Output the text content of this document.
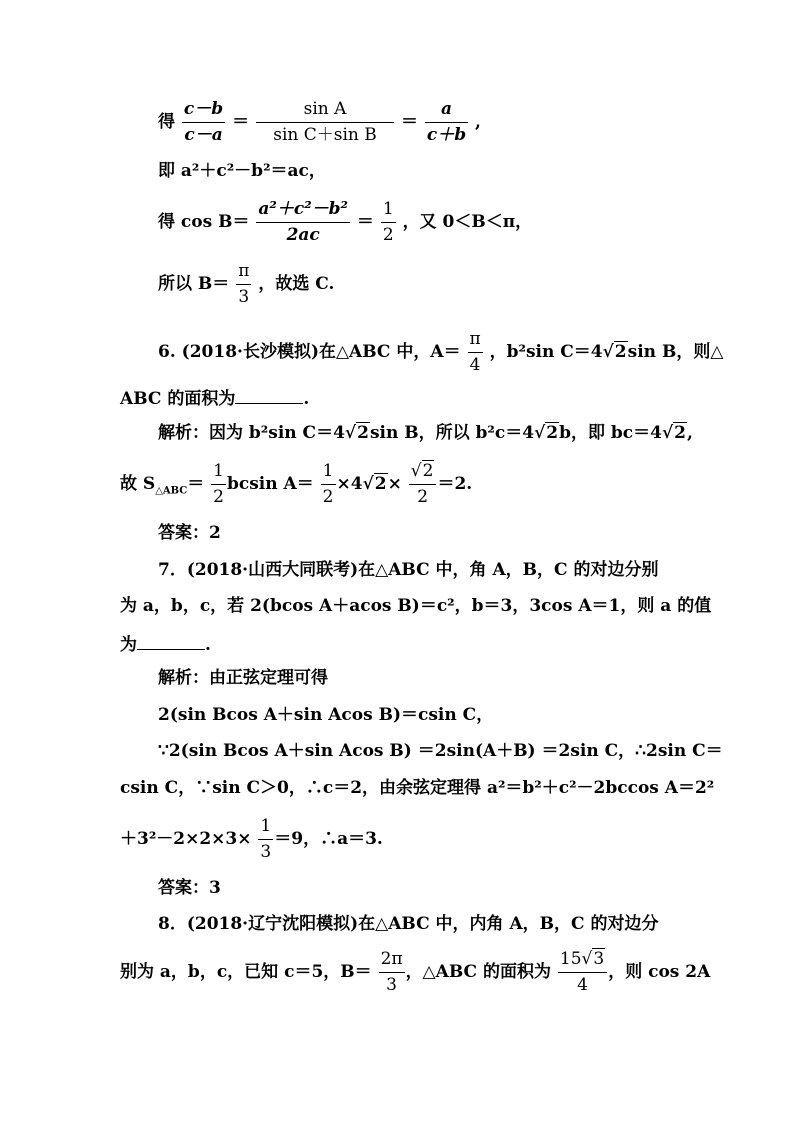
得 $\frac{c-b}{c-a} = \frac{\text{sin A}}{\text{sin C＋sin B}} = \frac{a}{c+b}$ ,
即 a²＋c²－b²＝ac，
得 $\cos B= \frac{\text{a²＋c²－b²}}{2ac} = \frac{1}{2}$ ，又 0＜B＜π，
所以 $B= \frac{\pi}{3}$ ，故选 C.
6. (2018·长沙模拟)在△ABC 中，$A= \frac{\pi}{4}$ ，b²sin C＝4√2sin B，则△
ABC 的面积为	.
解析：因为 b²sin C＝4√2sin B，所以 b²c＝4√2b，即 bc＝4√2,
故 $S_{\triangle ABC}= \frac{1}{2}$ bcsin $A= \frac{1}{2} \times 4√2\times \frac{√2}{2} =2$.
答案：2
7．(2018·山西大同联考)在△ABC 中，角 A，B，C 的对边分别
为 a，b，c，若 2(bcos A＋acos B)＝c²，b＝3，3cos A＝1，则 a 的值
为	.
解析：由正弦定理可得
2(sin Bcos A＋sin Acos B)＝csin C，
∵2(sin Bcos A＋sin Acos B) ＝2sin(A＋B) ＝2sin C，∴2sin C＝
csin C，∵sin C＞0，∴c＝2，由余弦定理得 a²＝b²＋c²－2bccos A＝2²
$+3^2-2\times 2\times 3\times \frac{1}{3} =9$，∴a＝3.
答案：3
8．(2018·辽宁沈阳模拟)在△ABC 中，内角 A，B，C 的对边分
别为 a，b，c，已知 c＝5，$B= \frac{2\pi}{3}$ ，△ABC 的面积为 $\frac{15√3}{4}$ ，则 cos 2A
